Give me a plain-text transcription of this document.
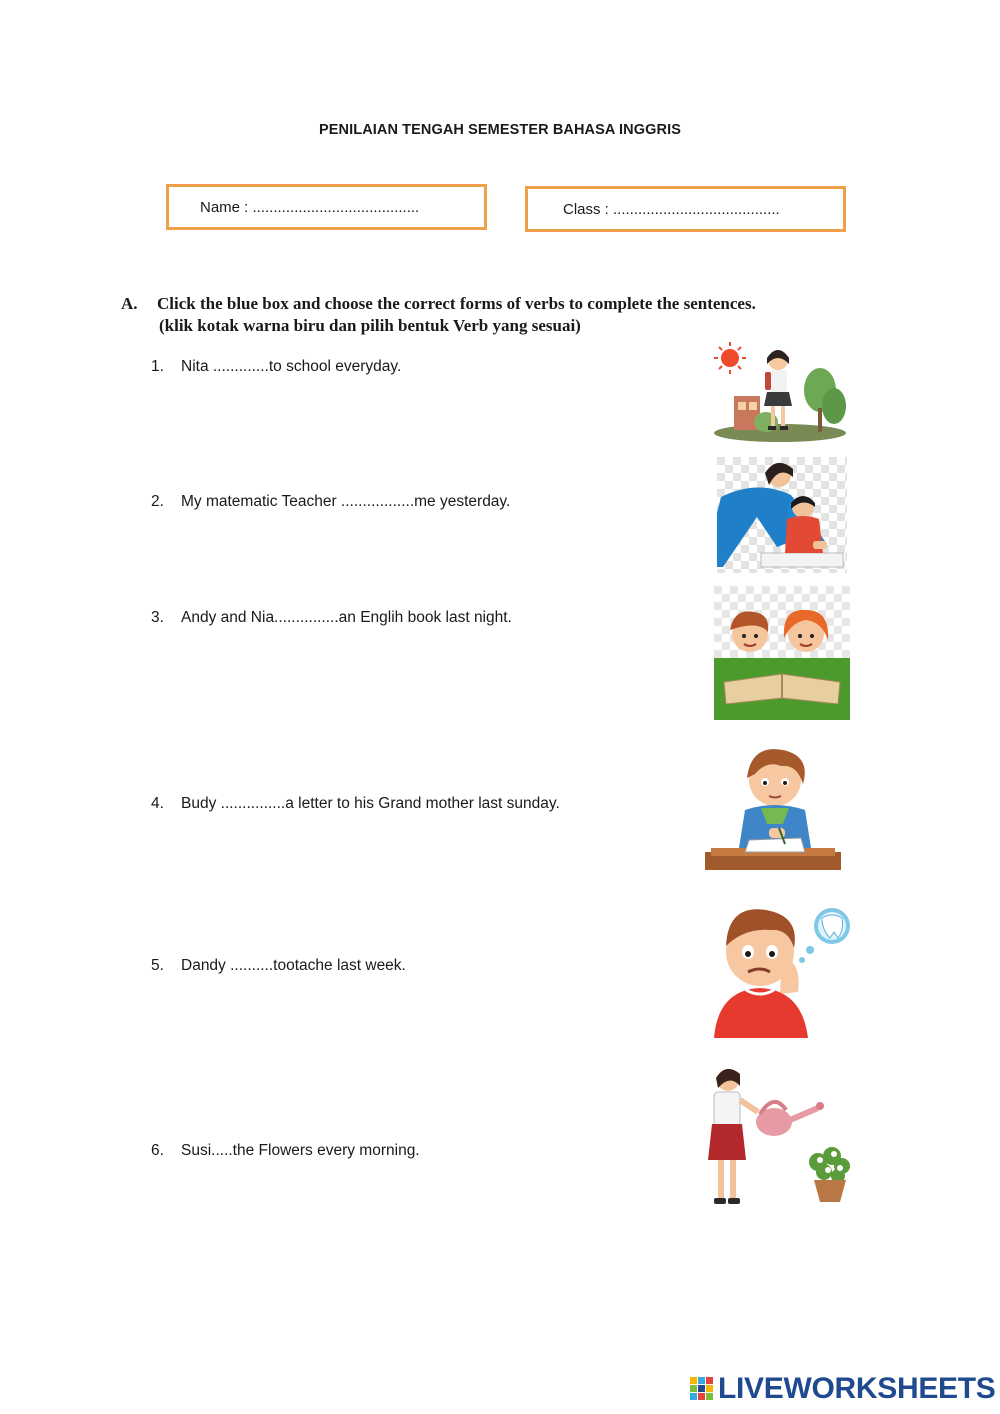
PENILAIAN TENGAH SEMESTER BAHASA INGGRIS
Name : ........................................	Class : ........................................
A. Click the blue box and choose the correct forms of verbs to complete the sentences.
(klik kotak warna biru dan pilih bentuk Verb yang sesuai)
1. Nita .............to school everyday.
2. My matematic Teacher .................me yesterday.
3. Andy and Nia...............an Englih book last night.
4. Budy ...............a letter to his Grand mother last sunday.
5. Dandy ..........tootache last week.
6. Susi.....the Flowers every morning.
LIVEWORKSHEETS
